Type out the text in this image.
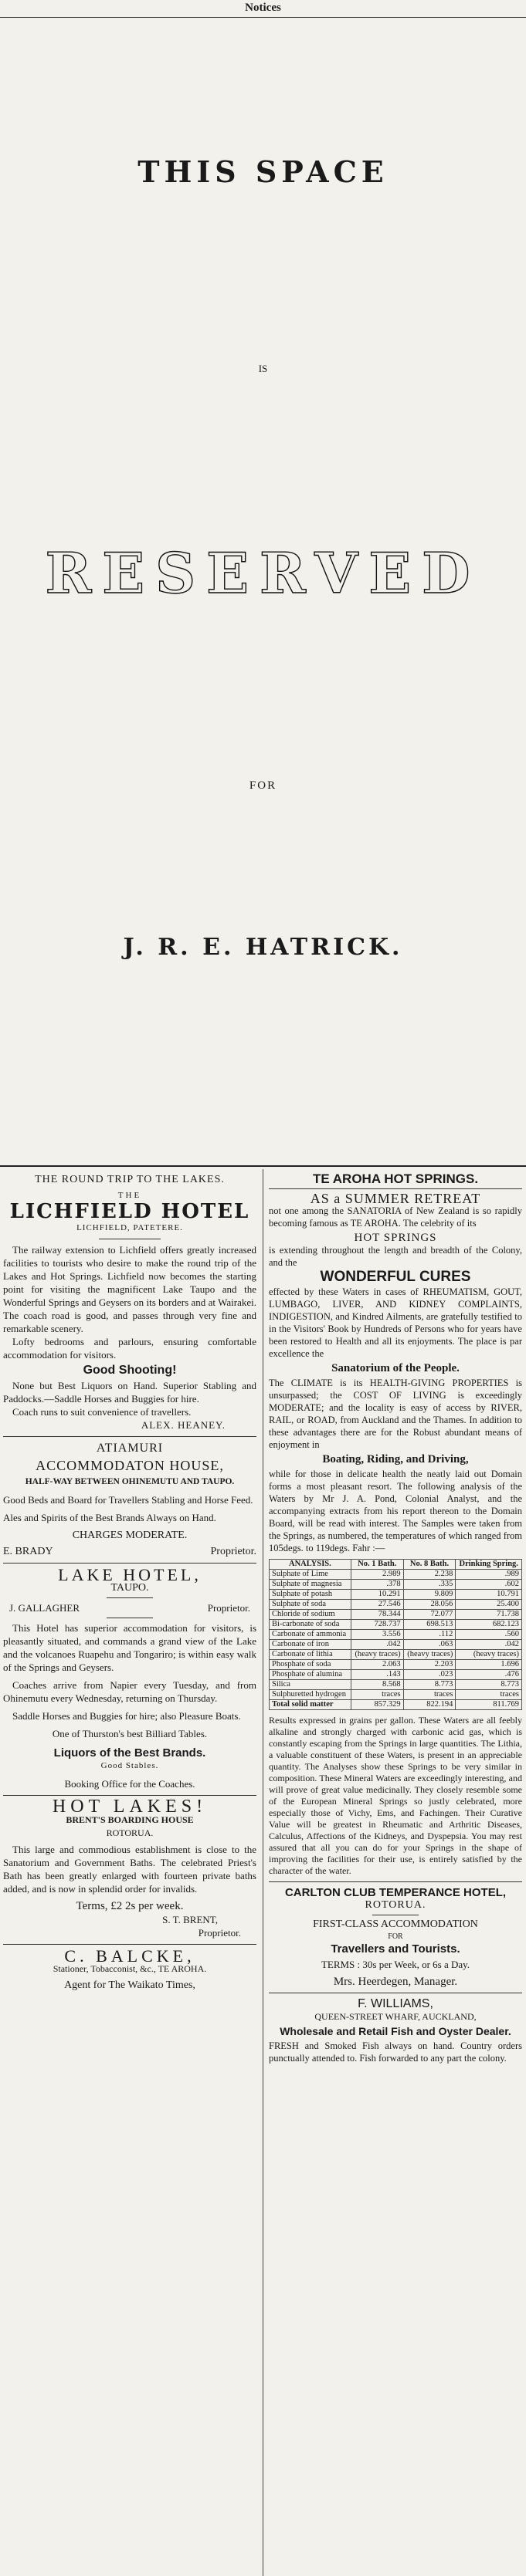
Notices
THIS SPACE
IS
RESERVED
FOR
J. R. E. HATRICK.

THE ROUND TRIP TO THE LAKES.

THE

LICHFIELD HOTEL

LICHFIELD, PATETERE.

The railway extension to Lichfield offers greatly increased facilities to tourists who desire to make the round trip of the Lakes and Hot Springs. Lichfield now becomes the starting point for visiting the magnificent Lake Taupo and the Wonderful Springs and Geysers on its borders and at Wairakei. The coach road is good, and passes through very fine and remarkable scenery.

Lofty bedrooms and parlours, ensuring comfortable accommodation for visitors.

Good Shooting!

None but Best Liquors on Hand. Superior Stabling and Paddocks.—Saddle Horses and Buggies for hire.

Coach runs to suit convenience of travellers.

ALEX. HEANEY.

ATIAMURI

ACCOMMODATON HOUSE,

HALF-WAY BETWEEN OHINEMUTU AND TAUPO.

Good Beds and Board for Travellers Stabling and Horse Feed.

Ales and Spirits of the Best Brands Always on Hand.

CHARGES MODERATE.

E. BRADY	Proprietor.

LAKE HOTEL,

TAUPO.

J. GALLAGHER	Proprietor.

This Hotel has superior accommodation for visitors, is pleasantly situated, and commands a grand view of the Lake and the volcanoes Ruapehu and Tongariro; is within easy walk of the Springs and Geysers.

Coaches arrive from Napier every Tuesday, and from Ohinemutu every Wednesday, returning on Thursday.

Saddle Horses and Buggies for hire; also Pleasure Boats.

One of Thurston's best Billiard Tables.

Liquors of the Best Brands.

Good Stables.

Booking Office for the Coaches.

HOT LAKES!

BRENT'S BOARDING HOUSE

ROTORUA.

This large and commodious establishment is close to the Sanatorium and Government Baths. The celebrated Priest's Bath has been greatly enlarged with fourteen private baths added, and is now in splendid order for invalids.

Terms, £2 2s per week.

S. T. BRENT,

Proprietor.

C. BALCKE,

Stationer, Tobacconist, &c., TE AROHA.

Agent for The Waikato Times,

TE AROHA HOT SPRINGS.

AS a SUMMER RETREAT

not one among the SANATORIA of New Zealand is so rapidly becoming famous as TE AROHA. The celebrity of its

HOT SPRINGS

is extending throughout the length and breadth of the Colony, and the

WONDERFUL CURES

effected by these Waters in cases of RHEUMATISM, GOUT, LUMBAGO, LIVER, AND KIDNEY COMPLAINTS, INDIGESTION, and Kindred Ailments, are gratefully testified to in the Visitors' Book by Hundreds of Persons who for years have been restored to Health and all its enjoyments. The place is par excellence the

Sanatorium of the People.

The CLIMATE is its HEALTH-GIVING PROPERTIES is unsurpassed; the COST OF LIVING is exceedingly MODERATE; and the locality is easy of access by RIVER, RAIL, or ROAD, from Auckland and the Thames. In addition to these advantages there are for the Robust abundant means of enjoyment in

Boating, Riding, and Driving,

while for those in delicate health the neatly laid out Domain forms a most pleasant resort. The following analysis of the Waters by Mr J. A. Pond, Colonial Analyst, and the accompanying extracts from his report thereon to the Domain Board, will be read with interest. The Samples were taken from the Springs, as numbered, the temperatures of which ranged from 105degs. to 119degs. Fahr :—

ANALYSIS.	No. 1 Bath.	No. 8 Bath.	Drinking Spring.
Sulphate of Lime	2.989	2.238	.989
Sulphate of magnesia	.378	.335	.602
Sulphate of potash	10.291	9.809	10.791
Sulphate of soda	27.546	28.056	25.400
Chloride of sodium	78.344	72.077	71.738
Bi-carbonate of soda	728.737	698.513	682.123
Carbonate of ammonia	3.556	.112	.560
Carbonate of iron	.042	.063	.042
Carbonate of lithia	(heavy traces)	(heavy traces)	(heavy traces)
Phosphate of soda	2.063	2.203	1.696
Phosphate of alumina	.143	.023	.476
Silica	8.568	8.773	8.773
Sulphuretted hydrogen	traces	traces	traces
Total solid matter	857.329	822.194	811.769

Results expressed in grains per gallon. These Waters are all feebly alkaline and strongly charged with carbonic acid gas, which is constantly escaping from the Springs in large quantities. The Lithia, a valuable constituent of these Waters, is present in an appreciable quantity. The Analyses show these Springs to be very similar in composition. These Mineral Waters are exceedingly interesting, and will prove of great value medicinally. They closely resemble some of the European Mineral Springs so justly celebrated, more especially those of Vichy, Ems, and Fachingen. Their Curative Value will be greatest in Rheumatic and Arthritic Diseases, Calculus, Affections of the Kidneys, and Dyspepsia. You may rest assured that all you can do for your Springs in the shape of improving the facilities for their use, is entirely satisfied by the character of the water.

CARLTON CLUB TEMPERANCE HOTEL,

ROTORUA.

FIRST-CLASS ACCOMMODATION

FOR

Travellers and Tourists.

TERMS : 30s per Week, or 6s a Day.

Mrs. Heerdegen, Manager.

F. WILLIAMS,

QUEEN-STREET WHARF, AUCKLAND,

Wholesale and Retail Fish and Oyster Dealer.

FRESH and Smoked Fish always on hand. Country orders punctually attended to. Fish forwarded to any part the colony.
